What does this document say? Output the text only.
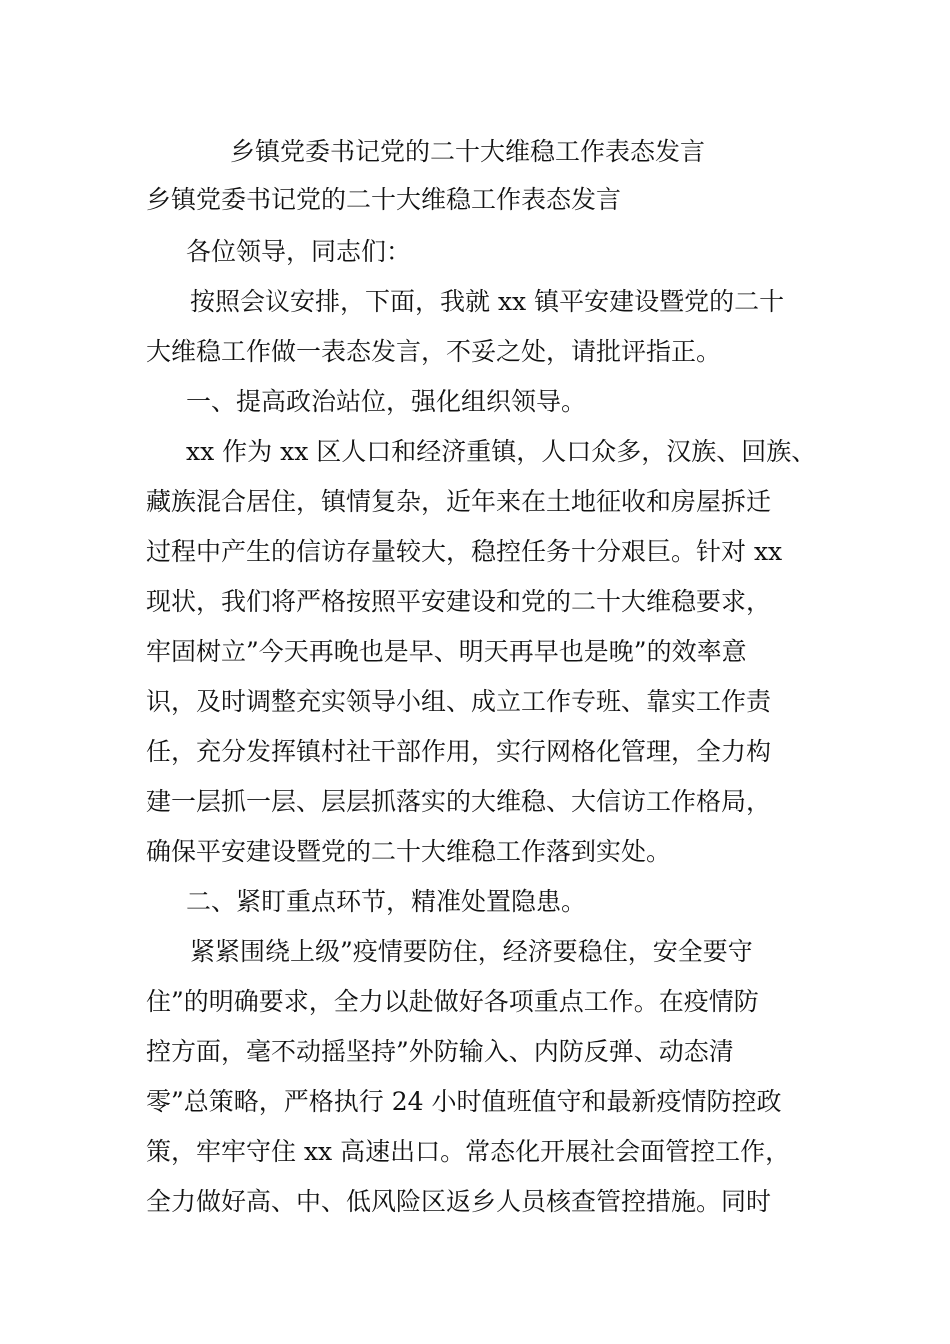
乡镇党委书记党的二十大维稳工作表态发言
乡镇党委书记党的二十大维稳工作表态发言
各位领导，同志们：
按照会议安排，下面，我就 xx 镇平安建设暨党的二十
大维稳工作做一表态发言，不妥之处，请批评指正。
一、提高政治站位，强化组织领导。
xx 作为 xx 区人口和经济重镇，人口众多，汉族、回族、
藏族混合居住，镇情复杂，近年来在土地征收和房屋拆迁
过程中产生的信访存量较大，稳控任务十分艰巨。针对 xx
现状，我们将严格按照平安建设和党的二十大维稳要求，
牢固树立”今天再晚也是早、明天再早也是晚”的效率意
识，及时调整充实领导小组、成立工作专班、靠实工作责
任，充分发挥镇村社干部作用，实行网格化管理，全力构
建一层抓一层、层层抓落实的大维稳、大信访工作格局，
确保平安建设暨党的二十大维稳工作落到实处。
二、紧盯重点环节，精准处置隐患。
紧紧围绕上级”疫情要防住，经济要稳住，安全要守
住”的明确要求，全力以赴做好各项重点工作。在疫情防
控方面，毫不动摇坚持”外防输入、内防反弹、动态清
零”总策略，严格执行 24 小时值班值守和最新疫情防控政
策，牢牢守住 xx 高速出口。常态化开展社会面管控工作，
全力做好高、中、低风险区返乡人员核查管控措施。同时
